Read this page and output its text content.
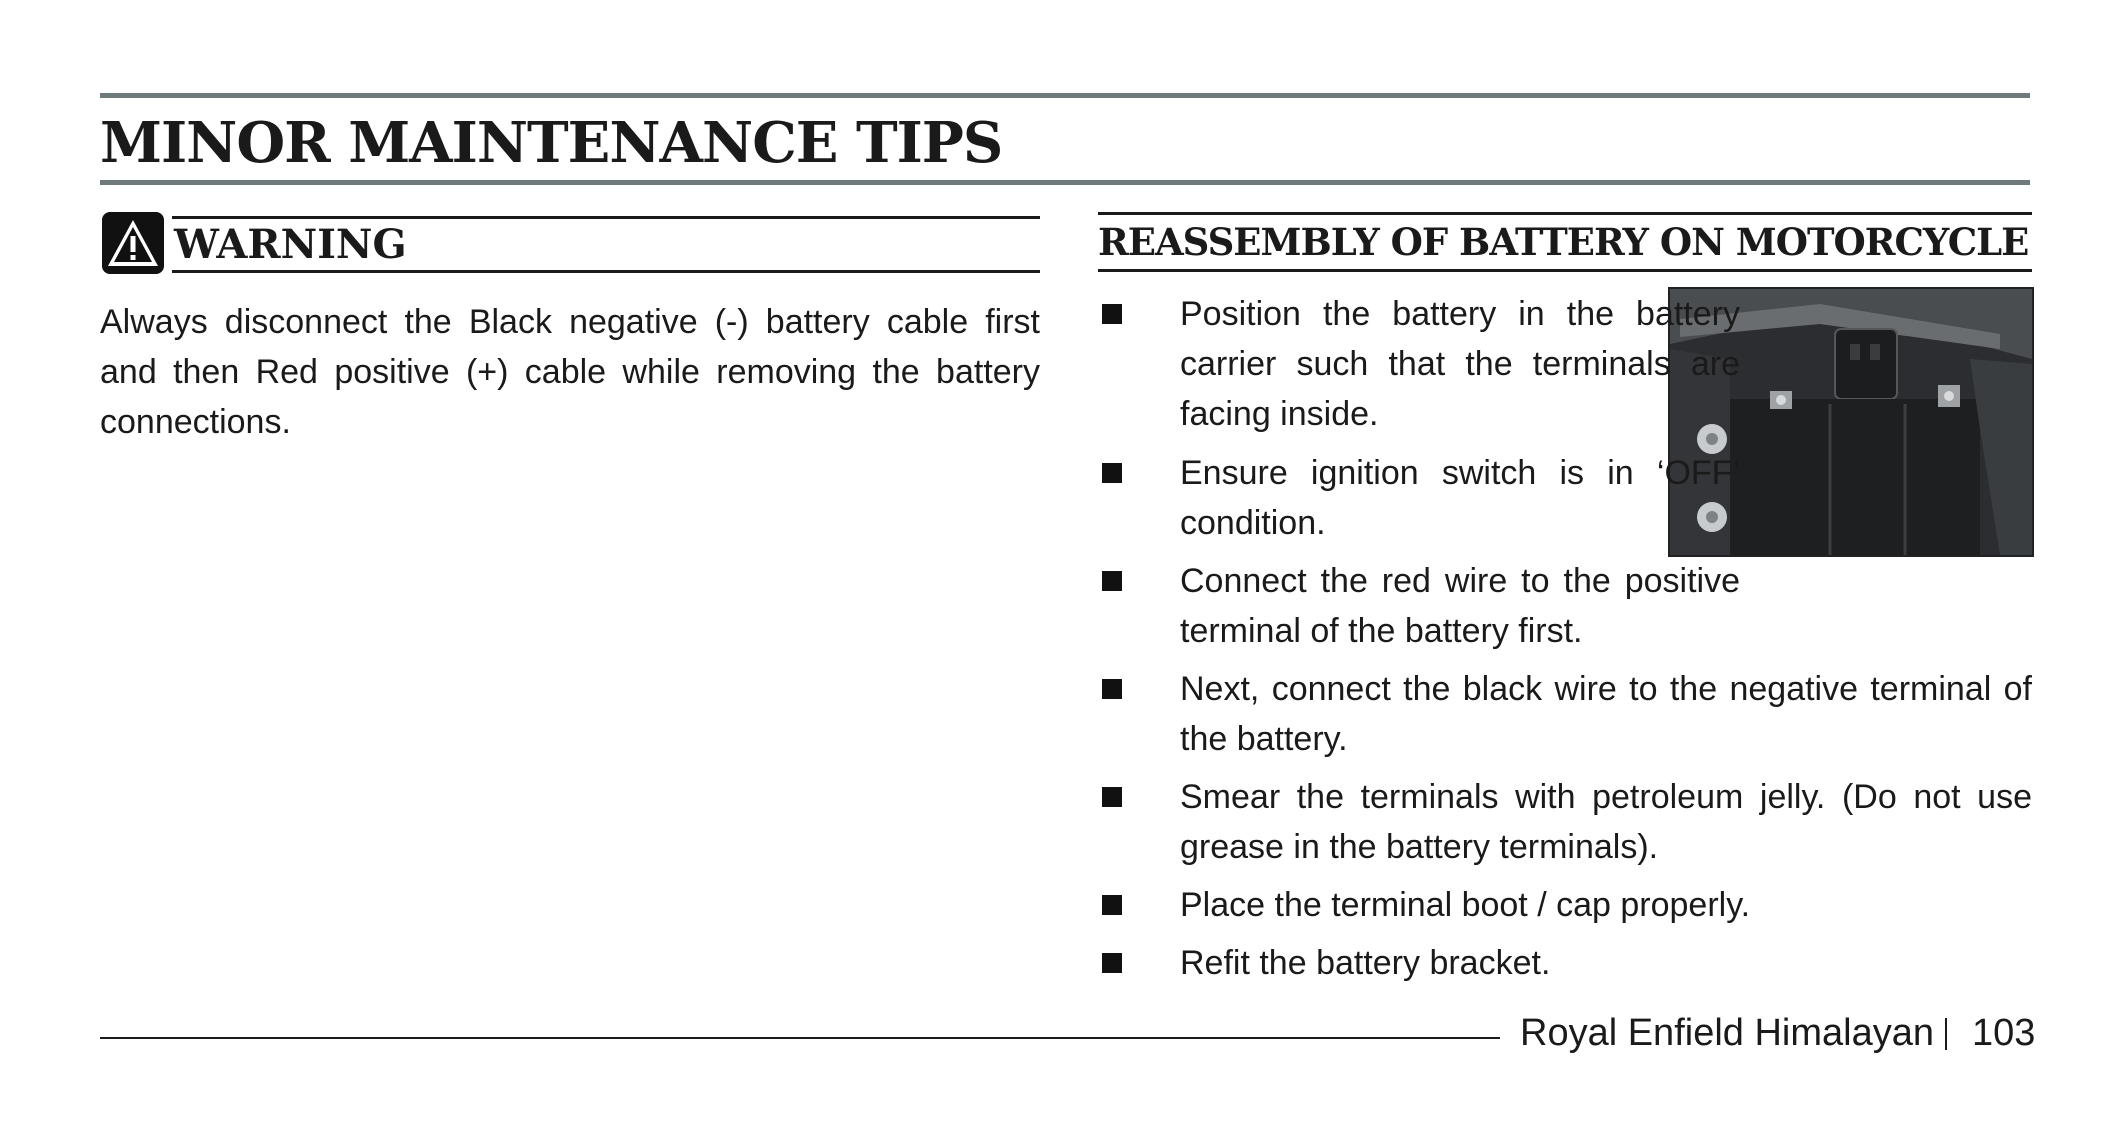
MINOR MAINTENANCE TIPS
WARNING

Always disconnect the Black negative (-) battery cable first and then Red positive (+) cable while removing the battery connections.

REASSEMBLY OF BATTERY ON MOTORCYCLE

Position the battery in the battery carrier such that the terminals are facing inside.

Ensure ignition switch is in ‘OFF’ condition.

Connect the red wire to the positive terminal of the battery first.

Next, connect the black wire to the negative terminal of the battery.

Smear the terminals with petroleum jelly. (Do not use grease in the battery terminals).

Place the terminal boot / cap properly.

Refit the battery bracket.

Royal Enfield Himalayan 103
